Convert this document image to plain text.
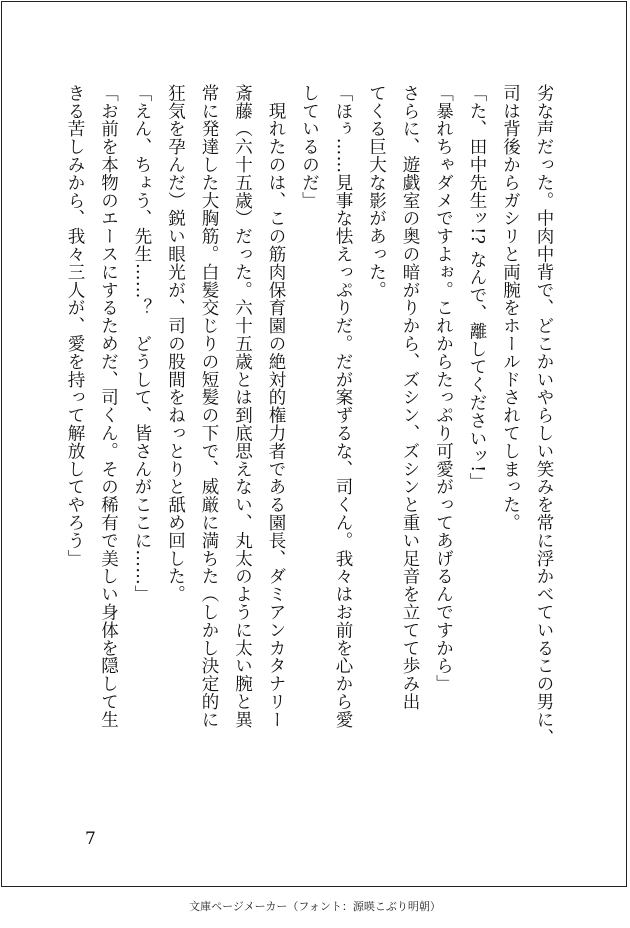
劣な声だった。中肉中背で、どこかいやらしい笑みを常に浮かべているこの男に、

司は背後からガシリと両腕をホールドされてしまった。

「た、田中先生ッ!? なんで、離してくださいッ!」

「暴れちゃダメですよぉ。これからたっぷり可愛がってあげるんですから」

さらに、遊戯室の奥の暗がりから、ズシン、ズシンと重い足音を立てて歩み出

てくる巨大な影があった。

「ほぅ……見事な怯えっぷりだ。だが案ずるな、司くん。我々はお前を心から愛

しているのだ」

　現れたのは、この筋肉保育園の絶対的権力者である園長、ダミアンカタナリー

斎藤（六十五歳）だった。六十五歳とは到底思えない、丸太のように太い腕と異

常に発達した大胸筋。白髪交じりの短髪の下で、威厳に満ちた（しかし決定的に

狂気を孕んだ）鋭い眼光が、司の股間をねっとりと舐め回した。

「えん、ちょう、先生……？　どうして、皆さんがここに……」

「お前を本物のエースにするためだ、司くん。その稀有で美しい身体を隠して生

きる苦しみから、我々三人が、愛を持って解放してやろう」

7
文庫ページメーカー（フォント：源暎こぶり明朝）
